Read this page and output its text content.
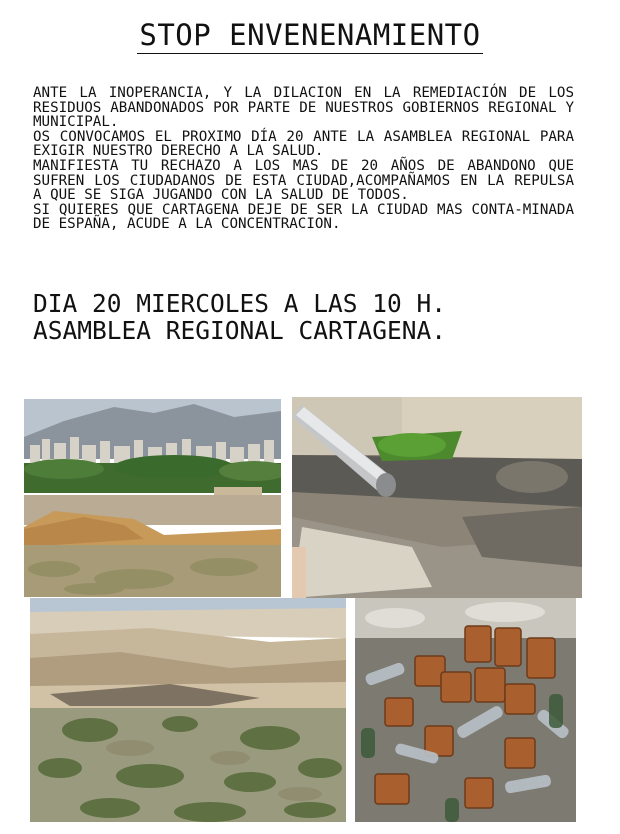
STOP ENVENENAMIENTO

ANTE LA INOPERANCIA, Y LA DILACION EN LA REMEDIACIÓN DE LOS RESIDUOS ABANDONADOS POR PARTE DE NUESTROS GOBIERNOS REGIONAL Y MUNICIPAL.

OS CONVOCAMOS EL PROXIMO DÍA 20 ANTE LA ASAMBLEA REGIONAL PARA EXIGIR NUESTRO DERECHO A LA SALUD.

MANIFIESTA TU RECHAZO A LOS MAS DE 20 AÑOS DE ABANDONO QUE SUFREN LOS CIUDADANOS DE ESTA CIUDAD,ACOMPAÑAMOS EN LA REPULSA A QUE SE SIGA JUGANDO CON LA SALUD DE TODOS.

SI QUIERES QUE CARTAGENA DEJE DE SER LA CIUDAD MAS CONTA-MINADA DE ESPAÑA, ACUDE A LA CONCENTRACION.

DIA 20 MIERCOLES A LAS 10 H.
ASAMBLEA REGIONAL CARTAGENA.
